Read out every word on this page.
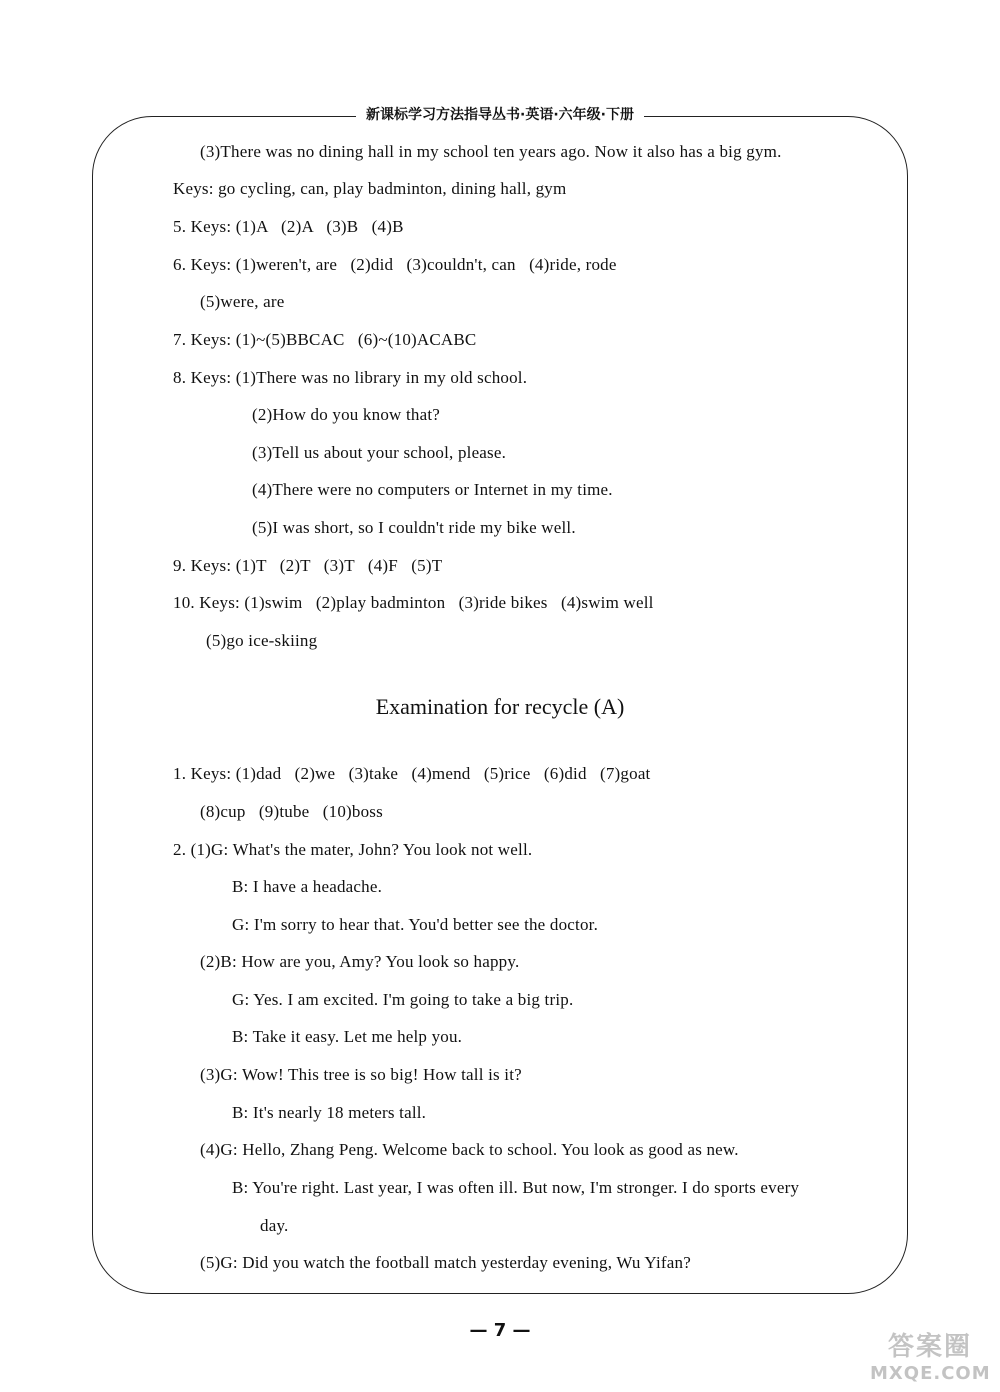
新课标学习方法指导丛书·英语·六年级·下册
(3)There was no dining hall in my school ten years ago. Now it also has a big gym.
Keys: go cycling, can, play badminton, dining hall, gym
5. Keys: (1)A   (2)A   (3)B   (4)B
6. Keys: (1)weren't, are   (2)did   (3)couldn't, can   (4)ride, rode
(5)were, are
7. Keys: (1)~(5)BBCAC   (6)~(10)ACABC
8. Keys: (1)There was no library in my old school.
(2)How do you know that?
(3)Tell us about your school, please.
(4)There were no computers or Internet in my time.
(5)I was short, so I couldn't ride my bike well.
9. Keys: (1)T   (2)T   (3)T   (4)F   (5)T
10. Keys: (1)swim   (2)play badminton   (3)ride bikes   (4)swim well
(5)go ice-skiing
Examination for recycle (A)
1. Keys: (1)dad   (2)we   (3)take   (4)mend   (5)rice   (6)did   (7)goat
(8)cup   (9)tube   (10)boss
2. (1)G: What's the mater, John? You look not well.
B: I have a headache.
G: I'm sorry to hear that. You'd better see the doctor.
(2)B: How are you, Amy? You look so happy.
G: Yes. I am excited. I'm going to take a big trip.
B: Take it easy. Let me help you.
(3)G: Wow! This tree is so big! How tall is it?
B: It's nearly 18 meters tall.
(4)G: Hello, Zhang Peng. Welcome back to school. You look as good as new.
B: You're right. Last year, I was often ill. But now, I'm stronger. I do sports every
day.
(5)G: Did you watch the football match yesterday evening, Wu Yifan?
— 7 —
答案圈
MXQE.COM
